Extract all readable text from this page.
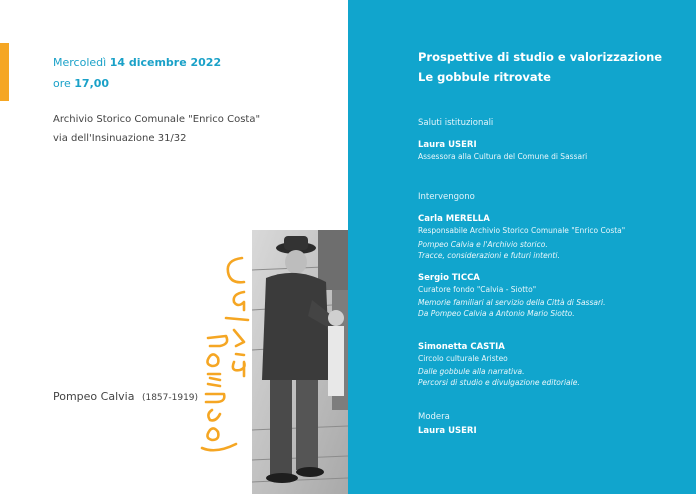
Mercoledì 14 dicembre 2022
ore 17,00
Archivio Storico Comunale "Enrico Costa"
via dell'Insinuazione 31/32
Pompeo Calvia (1857-1919)
Prospettive di studio e valorizzazione
Le gobbule ritrovate
Saluti istituzionali
Laura USERI
Assessora alla Cultura del Comune di Sassari
Intervengono
Carla MERELLA
Responsabile Archivio Storico Comunale "Enrico Costa"
Pompeo Calvia e l'Archivio storico.
Tracce, considerazioni e futuri intenti.
Sergio TICCA
Curatore fondo "Calvia - Siotto"
Memorie familiari al servizio della Città di Sassari.
Da Pompeo Calvia a Antonio Mario Siotto.
Simonetta CASTIA
Circolo culturale Aristeo
Dalle gobbule alla narrativa.
Percorsi di studio e divulgazione editoriale.
Modera
Laura USERI
